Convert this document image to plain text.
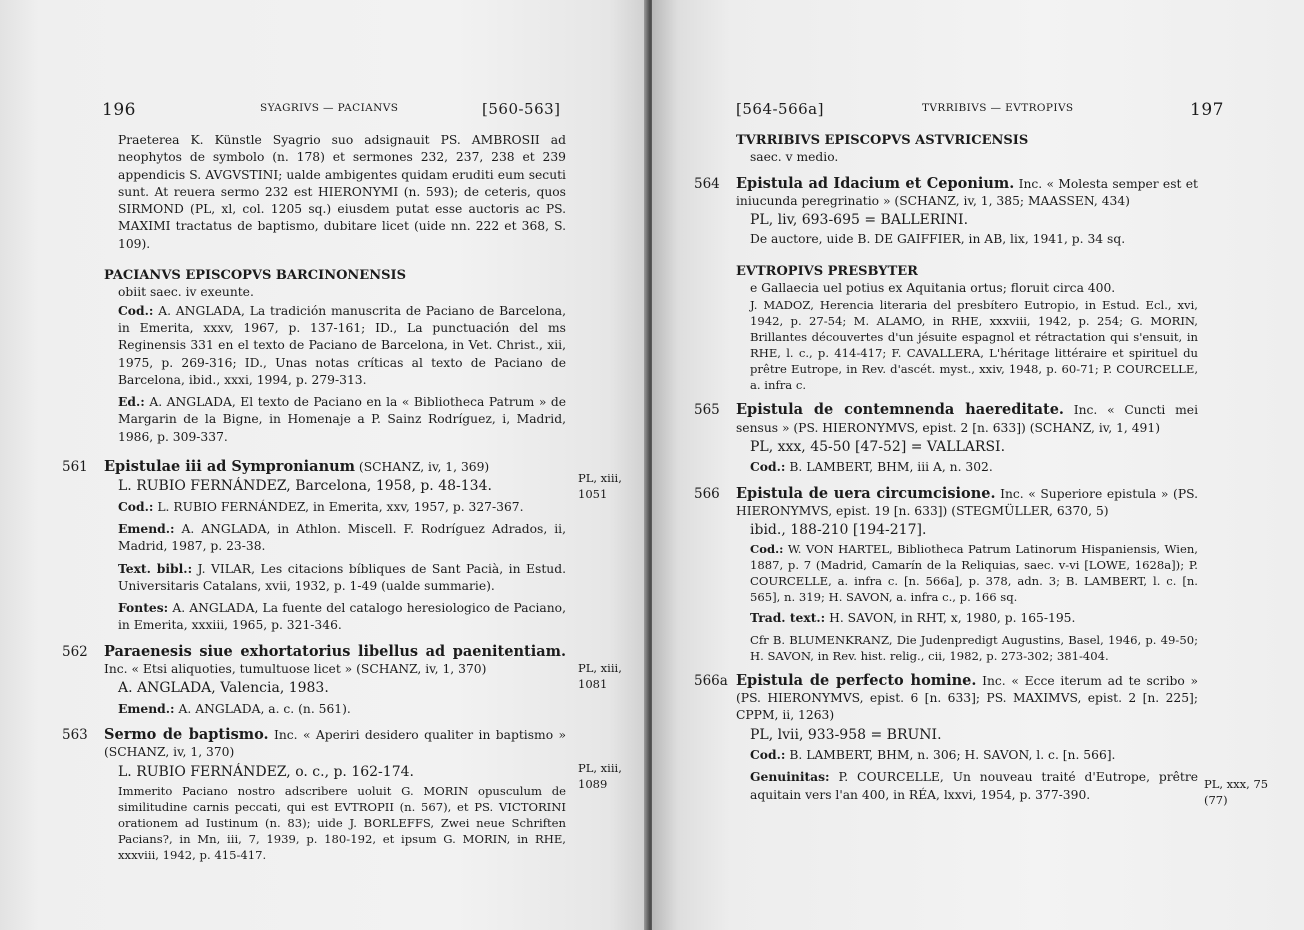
196	SYAGRIVS — PACIANVS	[560-563]

Praeterea K. Künstle Syagrio suo adsignauit PS. AMBROSII ad neophytos de symbolo (n. 178) et sermones 232, 237, 238 et 239 appendicis S. AVGVSTINI; ualde ambigentes quidam eruditi eum secuti sunt. At reuera sermo 232 est HIERONYMI (n. 593); de ceteris, quos SIRMOND (PL, xl, col. 1205 sq.) eiusdem putat esse auctoris ac PS. MAXIMI tractatus de baptismo, dubitare licet (uide nn. 222 et 368, S. 109).

PACIANVS EPISCOPVS BARCINONENSIS
obiit saec. iv exeunte.

Cod.: A. ANGLADA, La tradición manuscrita de Paciano de Barcelona, in Emerita, xxxv, 1967, p. 137-161; ID., La punctuación del ms Reginensis 331 en el texto de Paciano de Barcelona, in Vet. Christ., xii, 1975, p. 269-316; ID., Unas notas críticas al texto de Paciano de Barcelona, ibid., xxxi, 1994, p. 279-313.

Ed.: A. ANGLADA, El texto de Paciano en la « Bibliotheca Patrum » de Margarin de la Bigne, in Homenaje a P. Sainz Rodríguez, i, Madrid, 1986, p. 309-337.

561	Epistulae iii ad Sympronianum (SCHANZ, iv, 1, 369)
L. RUBIO FERNÁNDEZ, Barcelona, 1958, p. 48-134.

Cod.: L. RUBIO FERNÁNDEZ, in Emerita, xxv, 1957, p. 327-367.

Emend.: A. ANGLADA, in Athlon. Miscell. F. Rodríguez Adrados, ii, Madrid, 1987, p. 23-38.

Text. bibl.: J. VILAR, Les citacions bíbliques de Sant Pacià, in Estud. Universitaris Catalans, xvii, 1932, p. 1-49 (ualde summarie).

Fontes: A. ANGLADA, La fuente del catalogo heresiologico de Paciano, in Emerita, xxxiii, 1965, p. 321-346.

562	Paraenesis siue exhortatorius libellus ad paenitentiam. Inc. « Etsi aliquoties, tumultuose licet » (SCHANZ, iv, 1, 370)
A. ANGLADA, Valencia, 1983.

Emend.: A. ANGLADA, a. c. (n. 561).

563	Sermo de baptismo. Inc. « Aperiri desidero qualiter in baptismo » (SCHANZ, iv, 1, 370)
L. RUBIO FERNÁNDEZ, o. c., p. 162-174.

Immerito Paciano nostro adscribere uoluit G. MORIN opusculum de similitudine carnis peccati, qui est EVTROPII (n. 567), et PS. VICTORINI orationem ad Iustinum (n. 83); uide J. BORLEFFS, Zwei neue Schriften Pacians?, in Mn, iii, 7, 1939, p. 180-192, et ipsum G. MORIN, in RHE, xxxviii, 1942, p. 415-417.

PL, xiii, 1051
PL, xiii, 1081
PL, xiii, 1089
[564-566a]	TVRRIBIVS — EVTROPIVS	197
TVRRIBIVS EPISCOPVS ASTVRICENSIS
saec. v medio.
564	Epistula ad Idacium et Ceponium. Inc. « Molesta semper est et iniucunda peregrinatio » (SCHANZ, iv, 1, 385; MAASSEN, 434)
PL, liv, 693-695 = BALLERINI.

De auctore, uide B. DE GAIFFIER, in AB, lix, 1941, p. 34 sq.

EVTROPIVS PRESBYTER
e Gallaecia uel potius ex Aquitania ortus; floruit circa 400.

J. MADOZ, Herencia literaria del presbítero Eutropio, in Estud. Ecl., xvi, 1942, p. 27-54; M. ALAMO, in RHE, xxxviii, 1942, p. 254; G. MORIN, Brillantes découvertes d'un jésuite espagnol et rétractation qui s'ensuit, in RHE, l. c., p. 414-417; F. CAVALLERA, L'héritage littéraire et spirituel du prêtre Eutrope, in Rev. d'ascét. myst., xxiv, 1948, p. 60-71; P. COURCELLE, a. infra c.

565	Epistula de contemnenda haereditate. Inc. « Cuncti mei sensus » (PS. HIERONYMVS, epist. 2 [n. 633]) (SCHANZ, iv, 1, 491)
PL, xxx, 45-50 [47-52] = VALLARSI.

Cod.: B. LAMBERT, BHM, iii A, n. 302.

566	Epistula de uera circumcisione. Inc. « Superiore epistula » (PS. HIERONYMVS, epist. 19 [n. 633]) (STEGMÜLLER, 6370, 5)
ibid., 188-210 [194-217].

Cod.: W. VON HARTEL, Bibliotheca Patrum Latinorum Hispaniensis, Wien, 1887, p. 7 (Madrid, Camarín de la Reliquias, saec. v-vi [LOWE, 1628a]); P. COURCELLE, a. infra c. [n. 566a], p. 378, adn. 3; B. LAMBERT, l. c. [n. 565], n. 319; H. SAVON, a. infra c., p. 166 sq.

Trad. text.: H. SAVON, in RHT, x, 1980, p. 165-195.

Cfr B. BLUMENKRANZ, Die Judenpredigt Augustins, Basel, 1946, p. 49-50; H. SAVON, in Rev. hist. relig., cii, 1982, p. 273-302; 381-404.

566a Epistula de perfecto homine. Inc. « Ecce iterum ad te scribo » (PS. HIERONYMVS, epist. 6 [n. 633]; PS. MAXIMVS, epist. 2 [n. 225]; CPPM, ii, 1263)
PL, lvii, 933-958 = BRUNI.

Cod.: B. LAMBERT, BHM, n. 306; H. SAVON, l. c. [n. 566].

Genuinitas: P. COURCELLE, Un nouveau traité d'Eutrope, prêtre aquitain vers l'an 400, in RÉA, lxxvi, 1954, p. 377-390.

PL, xxx, 75 (77)
